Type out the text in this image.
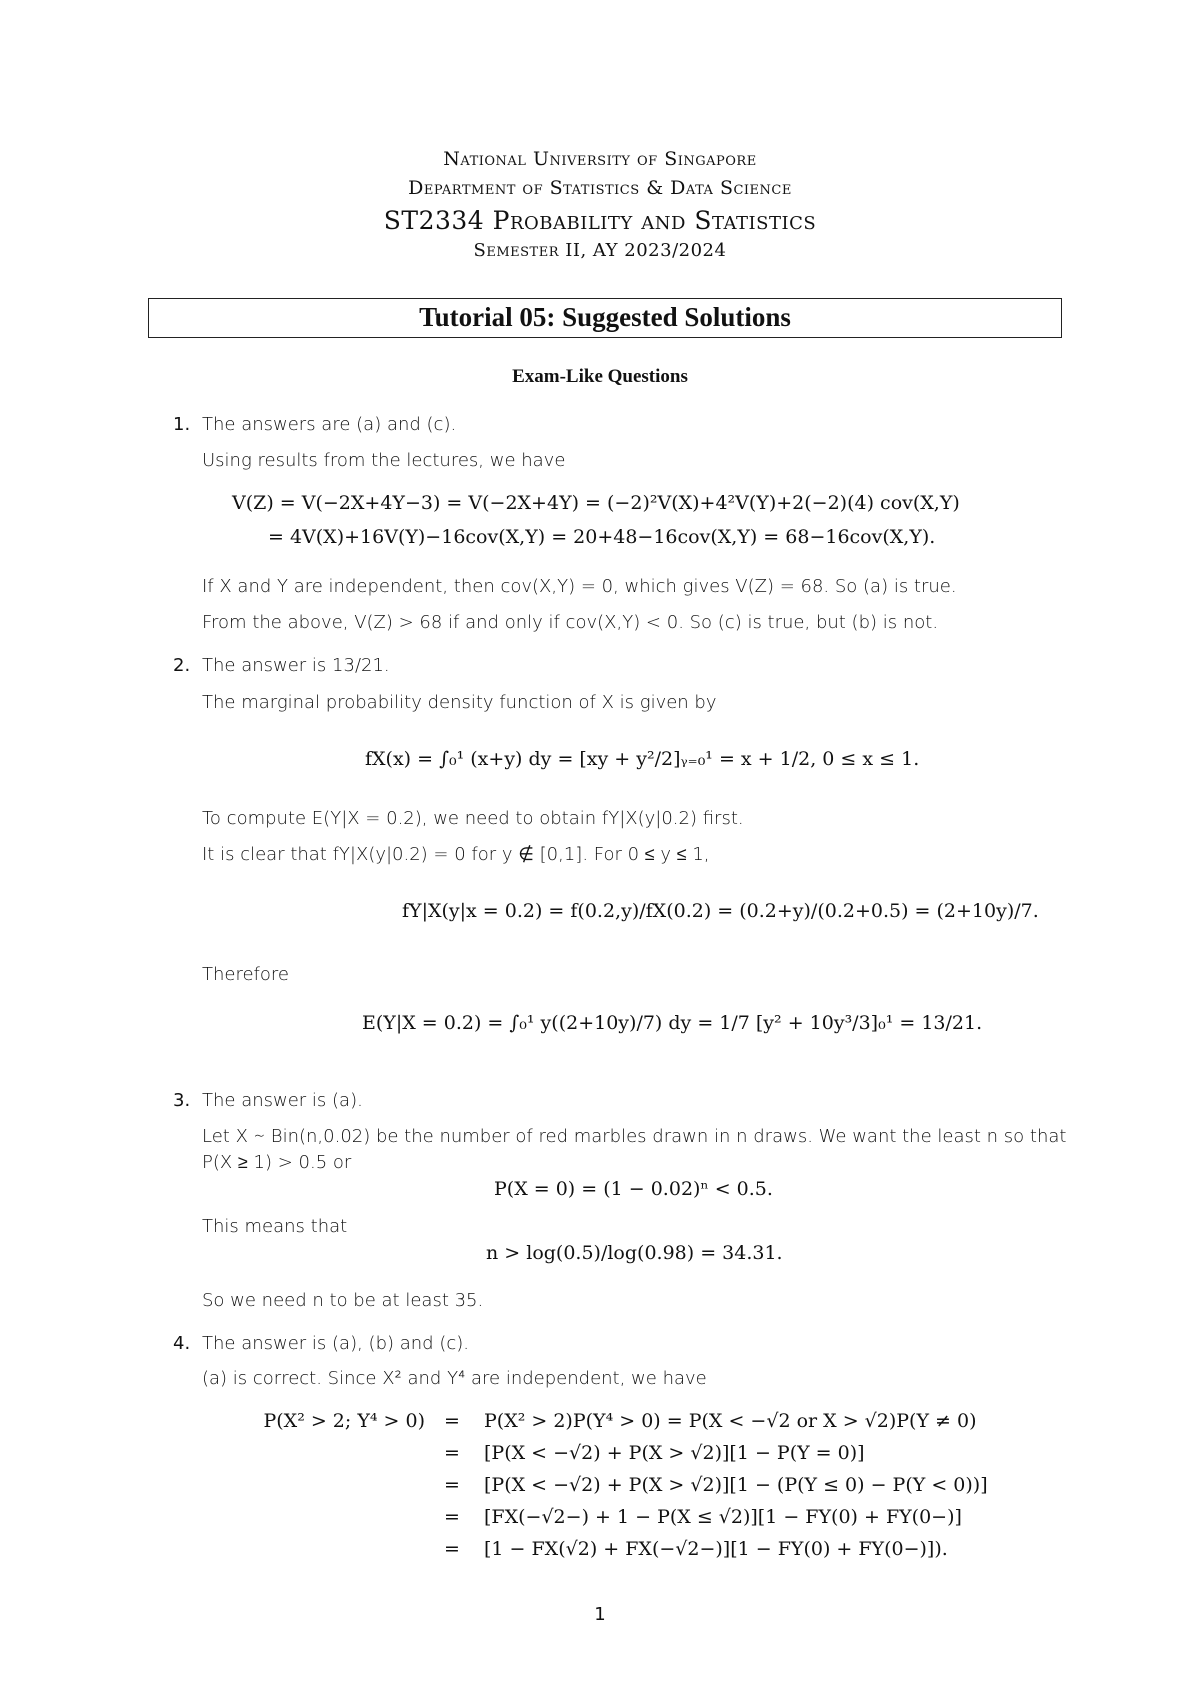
National University of Singapore
Department of Statistics & Data Science
ST2334 Probability and Statistics
Semester II, AY 2023/2024
Tutorial 05: Suggested Solutions
Exam-Like Questions
1. The answers are (a) and (c).
Using results from the lectures, we have
V(Z) = V(−2X+4Y−3) = V(−2X+4Y) = (−2)²V(X)+4²V(Y)+2(−2)(4) cov(X,Y)
= 4V(X)+16V(Y)−16cov(X,Y) = 20+48−16cov(X,Y) = 68−16cov(X,Y).
If X and Y are independent, then cov(X,Y) = 0, which gives V(Z) = 68. So (a) is true.
From the above, V(Z) > 68 if and only if cov(X,Y) < 0. So (c) is true, but (b) is not.
2. The answer is 13/21.
The marginal probability density function of X is given by
fX(x) = ∫₀¹ (x+y) dy = [xy + y²/2]ᵧ₌₀¹ = x + 1/2, 0 ≤ x ≤ 1.
To compute E(Y|X = 0.2), we need to obtain fY|X(y|0.2) first.
It is clear that fY|X(y|0.2) = 0 for y ∉ [0,1]. For 0 ≤ y ≤ 1,
fY|X(y|x = 0.2) = f(0.2,y)/fX(0.2) = (0.2+y)/(0.2+0.5) = (2+10y)/7.
Therefore
E(Y|X = 0.2) = ∫₀¹ y((2+10y)/7) dy = 1/7 [y² + 10y³/3]₀¹ = 13/21.
3. The answer is (a).
Let X ∼ Bin(n,0.02) be the number of red marbles drawn in n draws. We want the least n so that
P(X ≥ 1) > 0.5 or
P(X = 0) = (1 − 0.02)ⁿ < 0.5.
This means that
n > log(0.5)/log(0.98) = 34.31.
So we need n to be at least 35.
4. The answer is (a), (b) and (c).
(a) is correct. Since X² and Y⁴ are independent, we have
P(X² > 2; Y⁴ > 0) =
=
=
=
=
P(X² > 2)P(Y⁴ > 0) = P(X < −√2 or X > √2)P(Y ≠ 0)
[P(X < −√2) + P(X > √2)][1 − P(Y = 0)]
[P(X < −√2) + P(X > √2)][1 − (P(Y ≤ 0) − P(Y < 0))]
[FX(−√2−) + 1 − P(X ≤ √2)][1 − FY(0) + FY(0−)]
[1 − FX(√2) + FX(−√2−)][1 − FY(0) + FY(0−)]).
1
